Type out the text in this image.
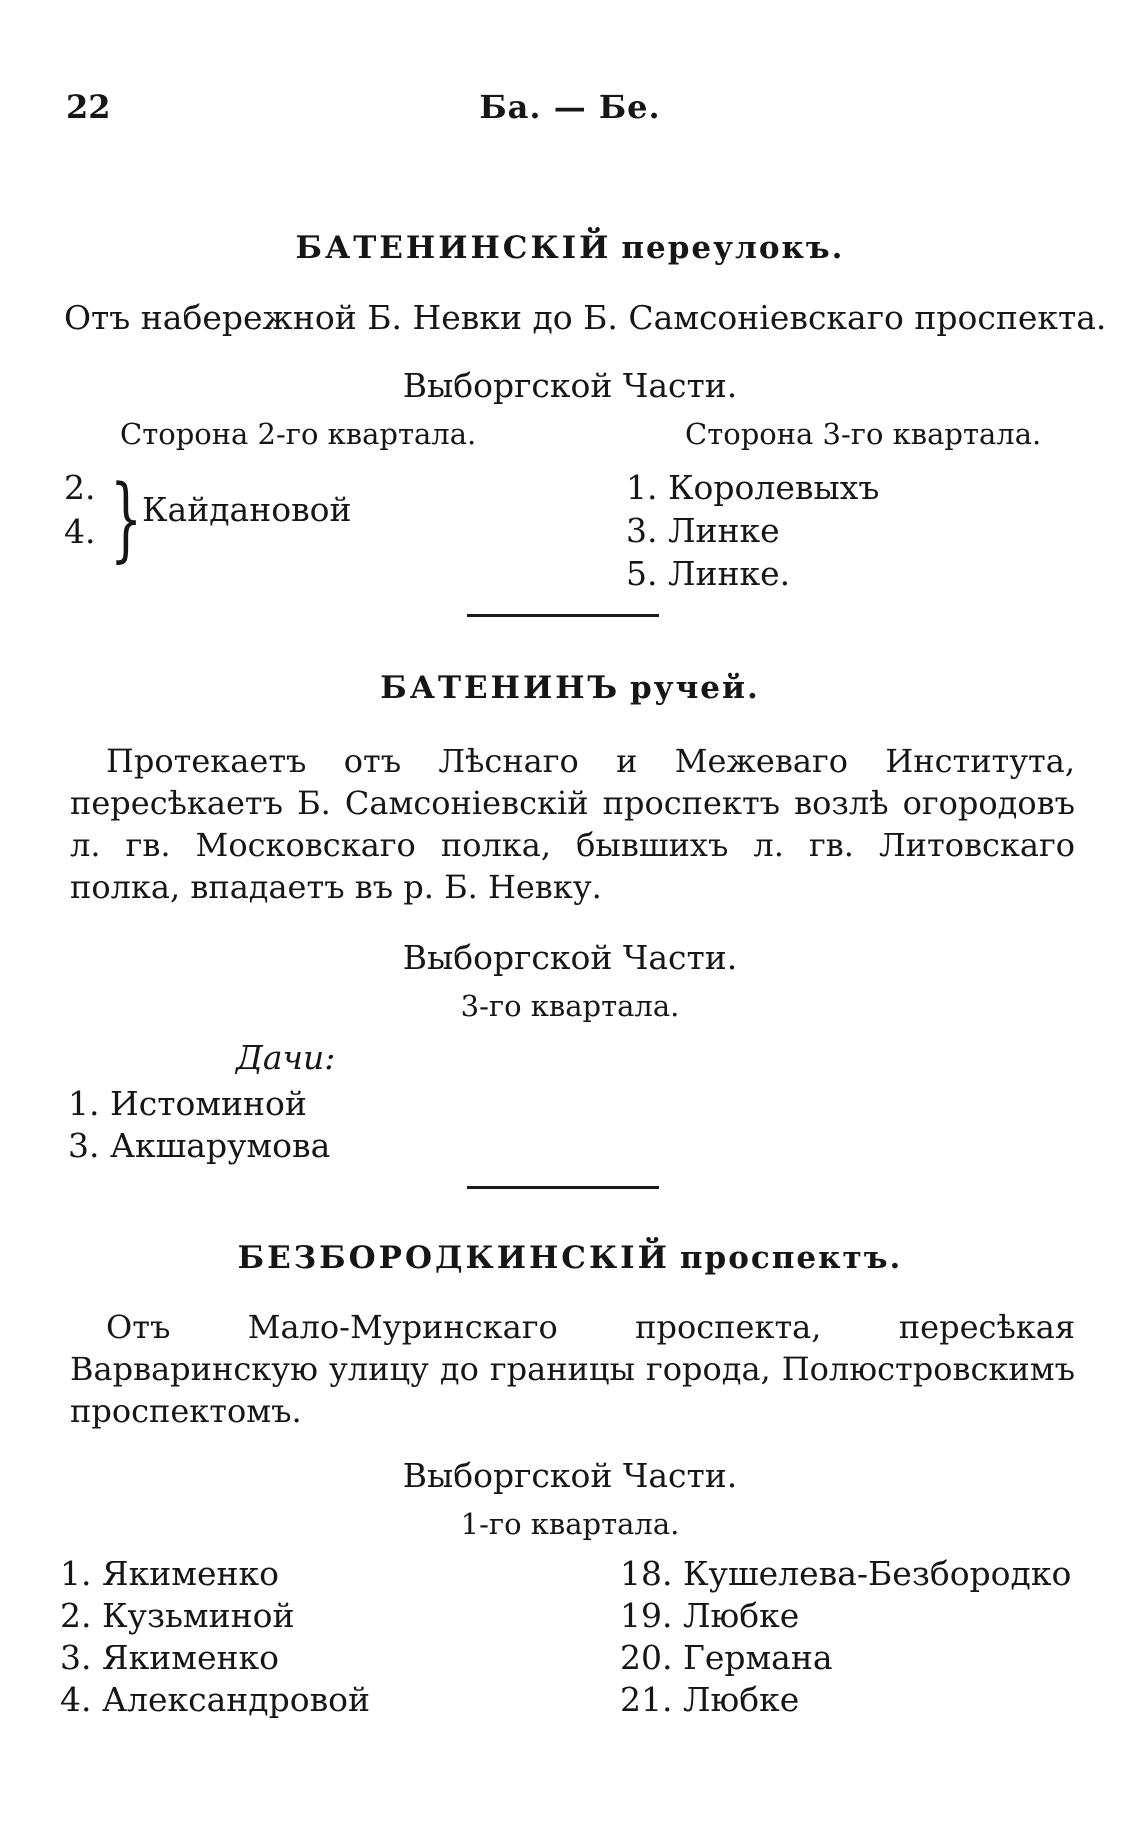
22	Ба. — Бе.
БАТЕНИНСКІЙ переулокъ.
Отъ набережной Б. Невки до Б. Самсоніевскаго проспекта.
Выборгской Части.
Сторона 2-го квартала.	Сторона 3-го квартала.
2.
4. } Кайдановой
1. Королевыхъ
3. Линке
5. Линке.
БАТЕНИНЪ ручей.
Протекаетъ отъ Лѣснаго и Межеваго Института, пересѣкаетъ Б. Самсоніевскій проспектъ возлѣ огородовъ л. гв. Московскаго полка, бывшихъ л. гв. Литовскаго полка, впадаетъ въ р. Б. Невку.
Выборгской Части.
3-го квартала.
Дачи:
1. Истоминой
3. Акшарумова
БЕЗБОРОДКИНСКІЙ проспектъ.
Отъ Мало-Муринскаго проспекта, пересѣкая Варваринскую улицу до границы города, Полюстровскимъ проспектомъ.
Выборгской Части.
1-го квартала.
1. Якименко
2. Кузьминой
3. Якименко
4. Александровой
18. Кушелева-Безбородко
19. Любке
20. Германа
21. Любке
